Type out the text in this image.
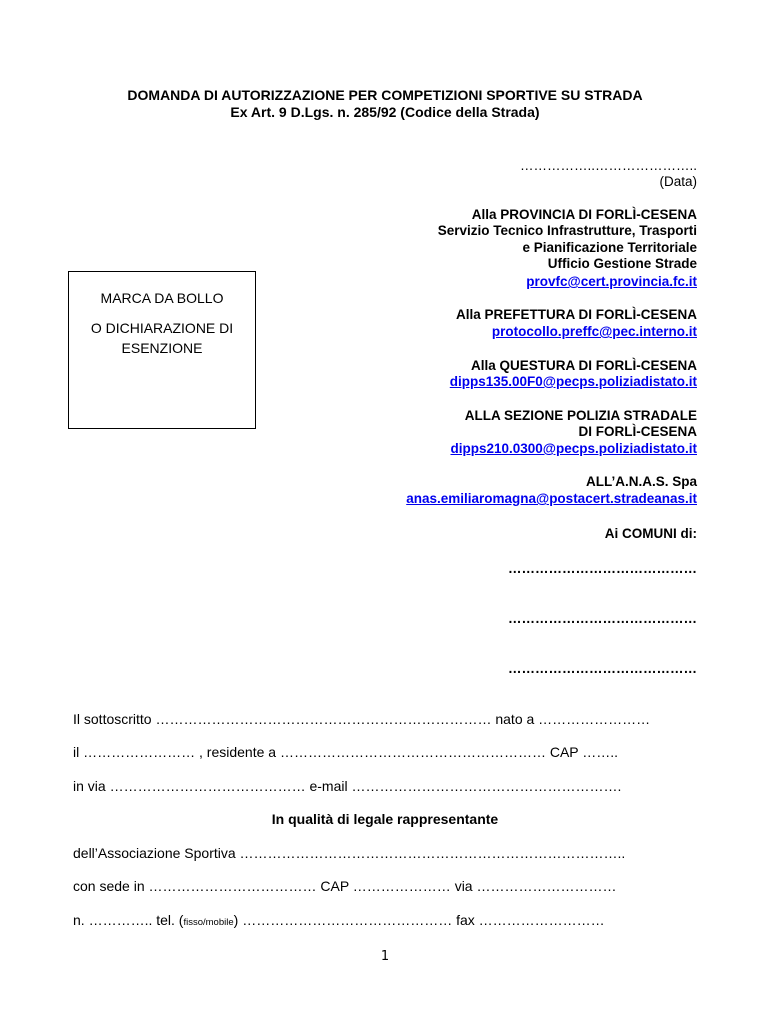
DOMANDA DI AUTORIZZAZIONE PER COMPETIZIONI SPORTIVE SU STRADA
Ex Art. 9 D.Lgs. n. 285/92 (Codice della Strada)
……………..…………………..
(Data)
MARCA DA BOLLO
O DICHIARAZIONE DI
ESENZIONE
Alla PROVINCIA DI FORLÌ-CESENA
Servizio Tecnico Infrastrutture, Trasporti
e Pianificazione Territoriale
Ufficio Gestione Strade
provfc@cert.provincia.fc.it
Alla PREFETTURA DI FORLÌ-CESENA
protocollo.preffc@pec.interno.it
Alla QUESTURA DI FORLÌ-CESENA
dipps135.00F0@pecps.poliziadistato.it
ALLA SEZIONE POLIZIA STRADALE
DI FORLÌ-CESENA
dipps210.0300@pecps.poliziadistato.it
ALL’A.N.A.S. Spa
anas.emiliaromagna@postacert.stradeanas.it
Ai COMUNI di:
……………………………………
……………………………………
……………………………………
Il sottoscritto ……………………………………………………………… nato a ……………………
il …………………… , residente a ………………………………………………… CAP ……..
in via …………………………………… e-mail ………………………………………………….
In qualità di legale rappresentante
dell’Associazione Sportiva ………………………………………………………………………..
con sede in ……………………………… CAP ………………… via …………………………
n. ………….. tel. (fisso/mobile) ……………………………………… fax ………………………
1
